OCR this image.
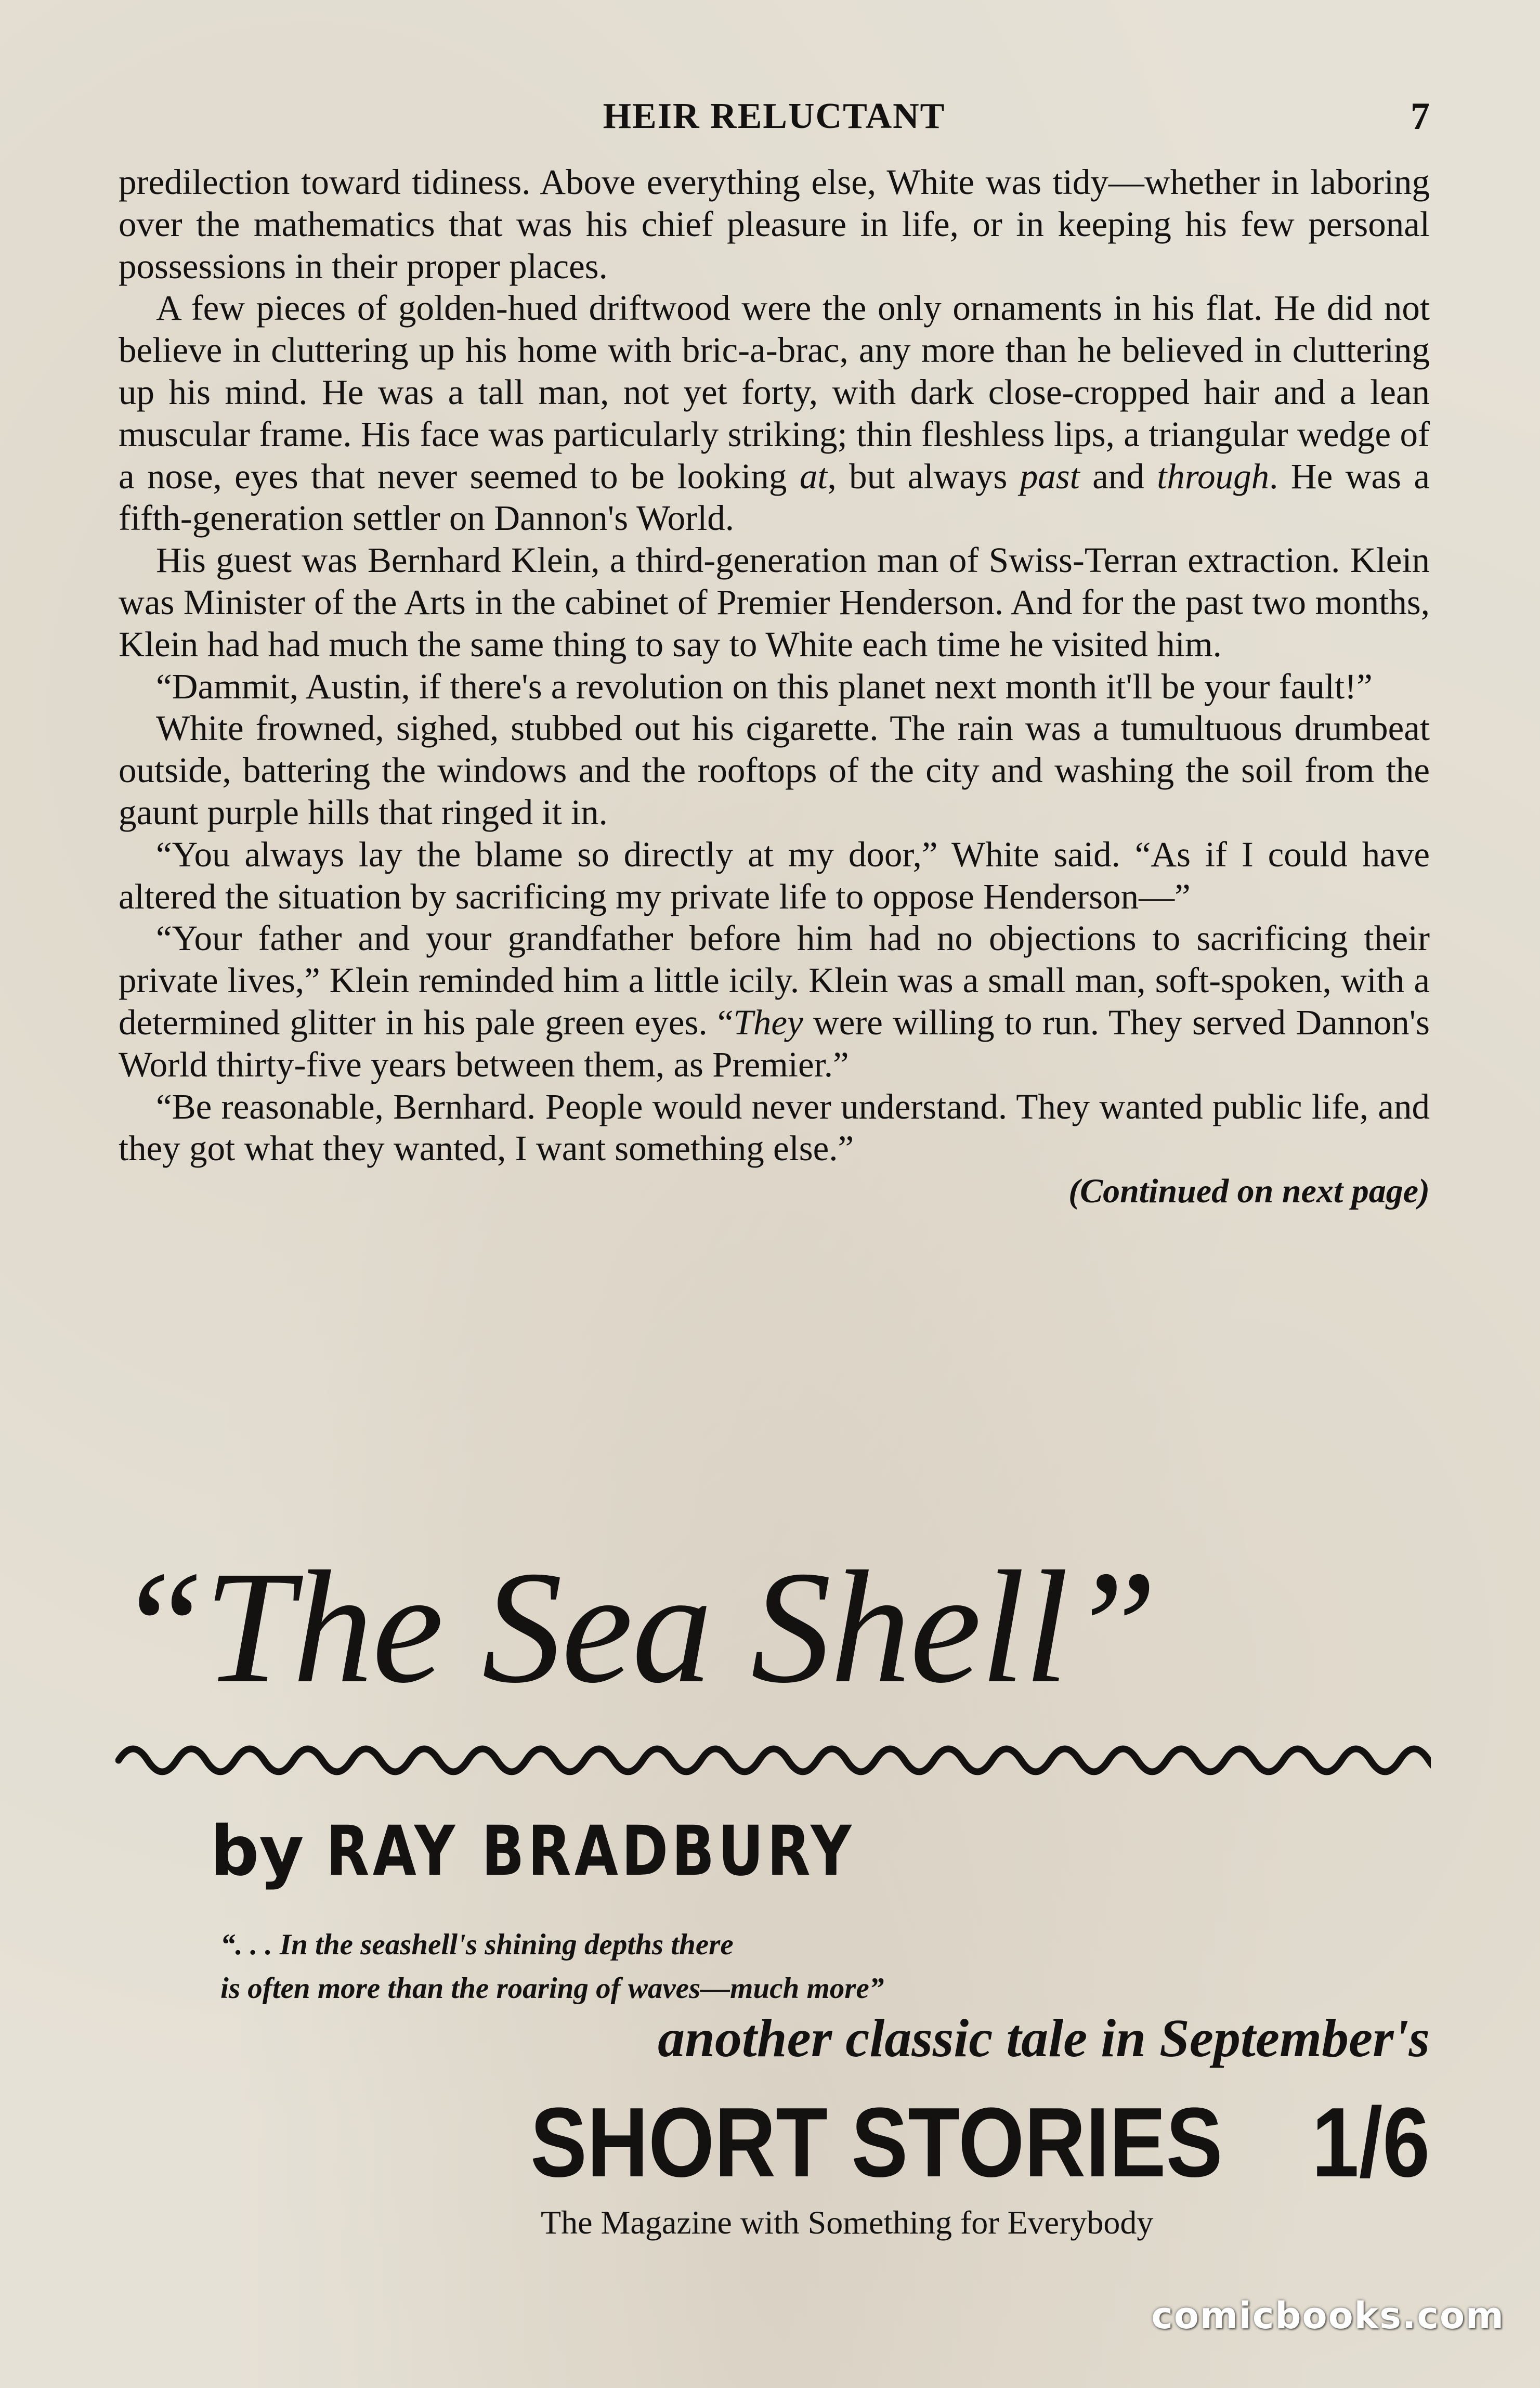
HEIR RELUCTANT	7

predilection toward tidiness. Above everything else, White was tidy—whether in laboring over the mathematics that was his chief pleasure in life, or in keeping his few personal possessions in their proper places.

A few pieces of golden-hued driftwood were the only ornaments in his flat. He did not believe in cluttering up his home with bric-a-brac, any more than he believed in cluttering up his mind. He was a tall man, not yet forty, with dark close-cropped hair and a lean muscular frame. His face was particularly striking; thin fleshless lips, a triangular wedge of a nose, eyes that never seemed to be looking at, but always past and through. He was a fifth-generation settler on Dannon's World.

His guest was Bernhard Klein, a third-generation man of Swiss-Terran extraction. Klein was Minister of the Arts in the cabinet of Premier Henderson. And for the past two months, Klein had had much the same thing to say to White each time he visited him.

“Dammit, Austin, if there's a revolution on this planet next month it'll be your fault!”

White frowned, sighed, stubbed out his cigarette. The rain was a tumultuous drumbeat outside, battering the windows and the rooftops of the city and washing the soil from the gaunt purple hills that ringed it in.

“You always lay the blame so directly at my door,” White said. “As if I could have altered the situation by sacrificing my private life to oppose Henderson—”

“Your father and your grandfather before him had no objections to sacrificing their private lives,” Klein reminded him a little icily. Klein was a small man, soft-spoken, with a determined glitter in his pale green eyes. “They were willing to run. They served Dannon's World thirty-five years between them, as Premier.”

“Be reasonable, Bernhard. People would never understand. They wanted public life, and they got what they wanted, I want something else.”

(Continued on next page)
“The Sea Shell”
by RAY BRADBURY
“. . . In the seashell's shining depths there
is often more than the roaring of waves—much more”
another classic tale in September's
SHORT STORIES 1/6
The Magazine with Something for Everybody
comicbooks.com
